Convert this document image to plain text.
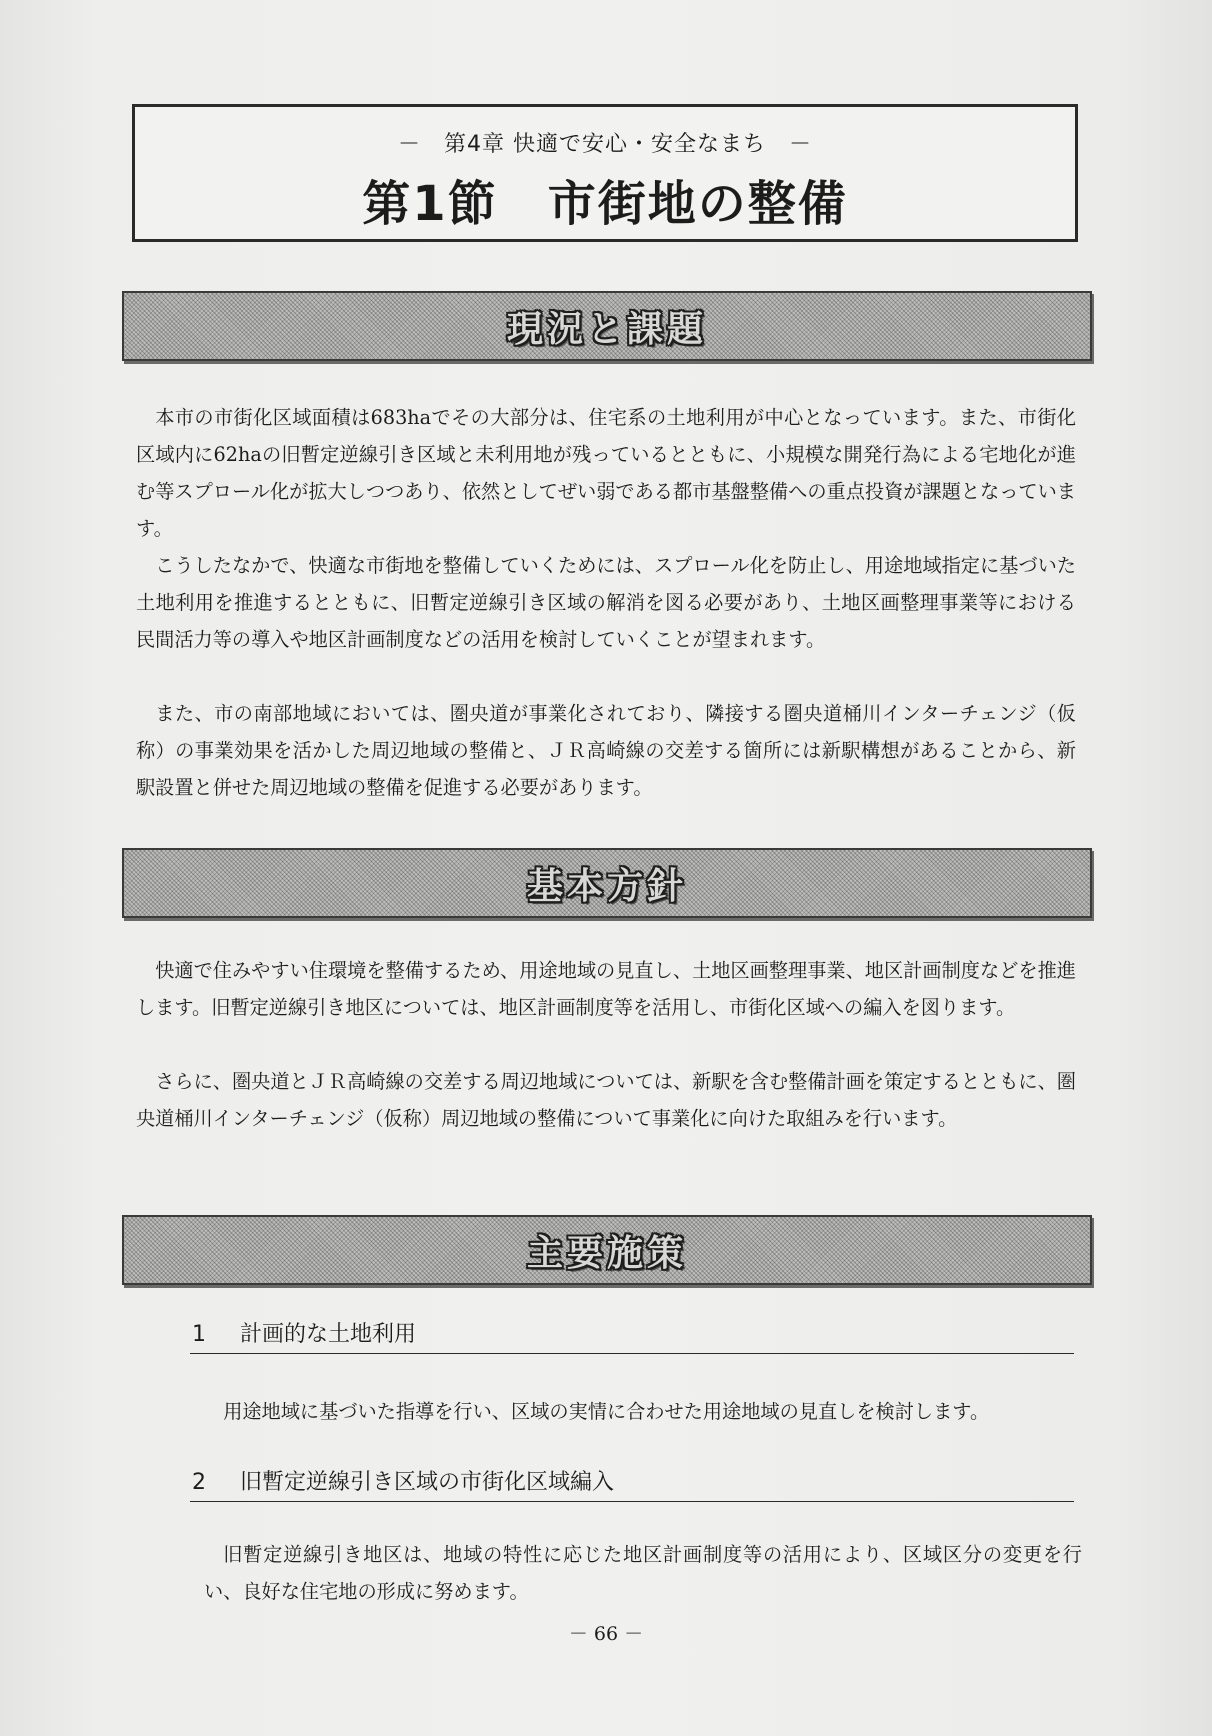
－　第4章 快適で安心・安全なまち　－
第1節　市街地の整備
現況と課題

本市の市街化区域面積は683haでその大部分は、住宅系の土地利用が中心となっています。また、市街化区域内に62haの旧暫定逆線引き区域と未利用地が残っているとともに、小規模な開発行為による宅地化が進む等スプロール化が拡大しつつあり、依然としてぜい弱である都市基盤整備への重点投資が課題となっています。

こうしたなかで、快適な市街地を整備していくためには、スプロール化を防止し、用途地域指定に基づいた土地利用を推進するとともに、旧暫定逆線引き区域の解消を図る必要があり、土地区画整理事業等における民間活力等の導入や地区計画制度などの活用を検討していくことが望まれます。

また、市の南部地域においては、圏央道が事業化されており、隣接する圏央道桶川インターチェンジ（仮称）の事業効果を活かした周辺地域の整備と、ＪＲ高崎線の交差する箇所には新駅構想があることから、新駅設置と併せた周辺地域の整備を促進する必要があります。

基本方針

快適で住みやすい住環境を整備するため、用途地域の見直し、土地区画整理事業、地区計画制度などを推進します。旧暫定逆線引き地区については、地区計画制度等を活用し、市街化区域への編入を図ります。

さらに、圏央道とＪＲ高崎線の交差する周辺地域については、新駅を含む整備計画を策定するとともに、圏央道桶川インターチェンジ（仮称）周辺地域の整備について事業化に向けた取組みを行います。

主要施策
1 計画的な土地利用

用途地域に基づいた指導を行い、区域の実情に合わせた用途地域の見直しを検討します。

2 旧暫定逆線引き区域の市街化区域編入

旧暫定逆線引き地区は、地域の特性に応じた地区計画制度等の活用により、区域区分の変更を行い、良好な住宅地の形成に努めます。

－ 66 －
